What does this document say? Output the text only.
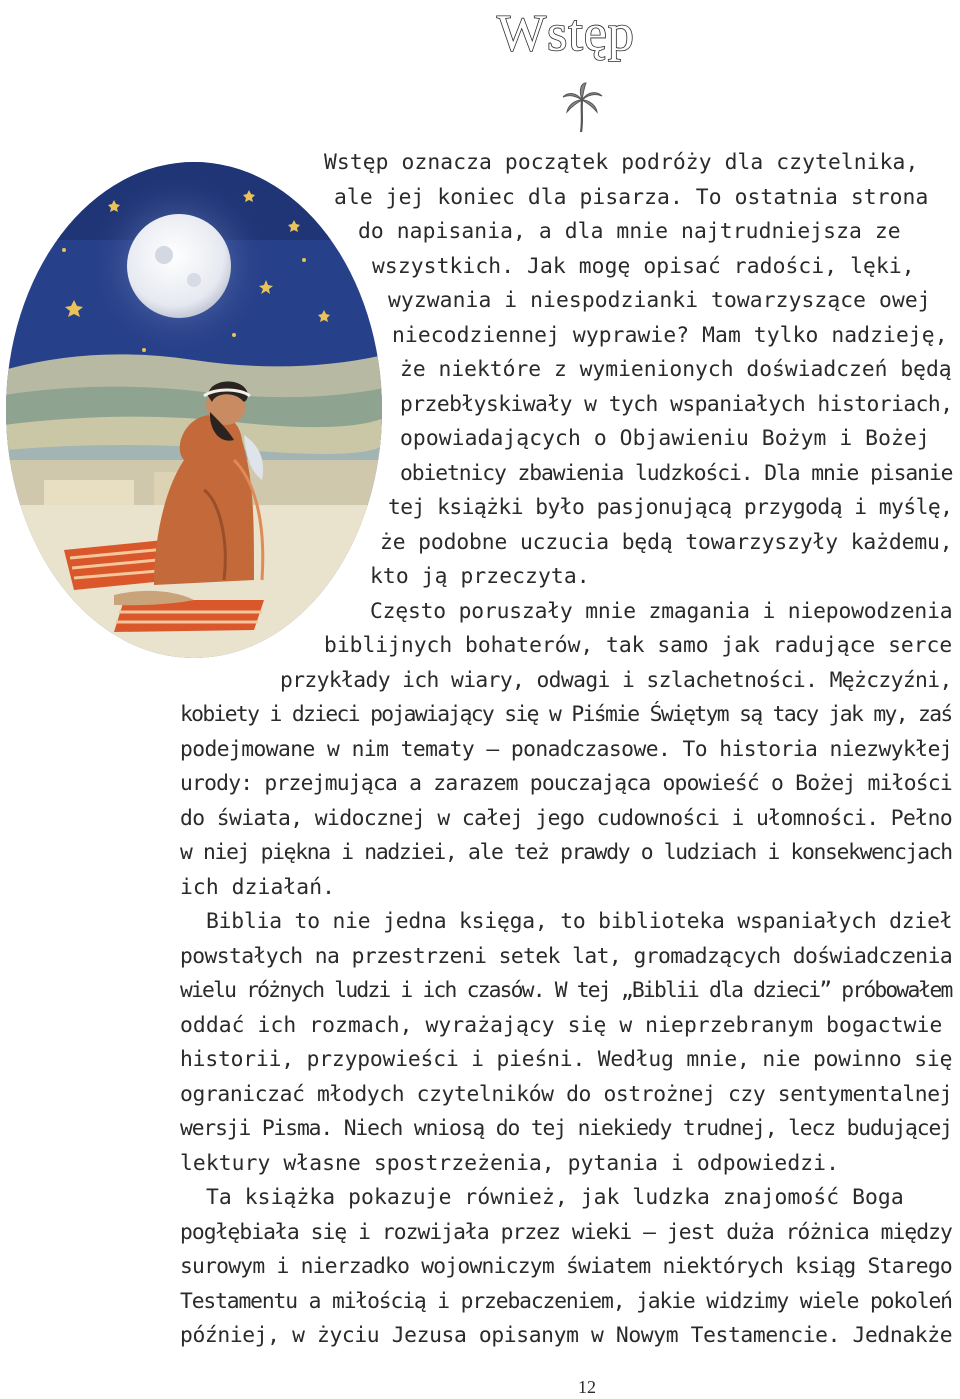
Wstęp

Wstęp oznacza początek podróży dla czytelnika,

ale jej koniec dla pisarza. To ostatnia strona

do napisania, a dla mnie najtrudniejsza ze

wszystkich. Jak mogę opisać radości, lęki,

wyzwania i niespodzianki towarzyszące owej

niecodziennej wyprawie? Mam tylko nadzieję,

że niektóre z wymienionych doświadczeń będą

przebłyskiwały w tych wspaniałych historiach,

opowiadających o Objawieniu Bożym i Bożej

obietnicy zbawienia ludzkości. Dla mnie pisanie

tej książki było pasjonującą przygodą i myślę,

że podobne uczucia będą towarzyszyły każdemu,

kto ją przeczyta.

Często poruszały mnie zmagania i niepowodzenia

biblijnych bohaterów, tak samo jak radujące serce

przykłady ich wiary, odwagi i szlachetności. Mężczyźni,

kobiety i dzieci pojawiający się w Piśmie Świętym są tacy jak my, zaś

podejmowane w nim tematy – ponadczasowe. To historia niezwykłej

urody: przejmująca a zarazem pouczająca opowieść o Bożej miłości

do świata, widocznej w całej jego cudowności i ułomności. Pełno

w niej piękna i nadziei, ale też prawdy o ludziach i konsekwencjach

ich działań.

Biblia to nie jedna księga, to biblioteka wspaniałych dzieł

powstałych na przestrzeni setek lat, gromadzących doświadczenia

wielu różnych ludzi i ich czasów. W tej „Biblii dla dzieci” próbowałem

oddać ich rozmach, wyrażający się w nieprzebranym bogactwie

historii, przypowieści i pieśni. Według mnie, nie powinno się

ograniczać młodych czytelników do ostrożnej czy sentymentalnej

wersji Pisma. Niech wniosą do tej niekiedy trudnej, lecz budującej

lektury własne spostrzeżenia, pytania i odpowiedzi.

Ta książka pokazuje również, jak ludzka znajomość Boga

pogłębiała się i rozwijała przez wieki – jest duża różnica między

surowym i nierzadko wojowniczym światem niektórych ksiąg Starego

Testamentu a miłością i przebaczeniem, jakie widzimy wiele pokoleń

później, w życiu Jezusa opisanym w Nowym Testamencie. Jednakże

12
